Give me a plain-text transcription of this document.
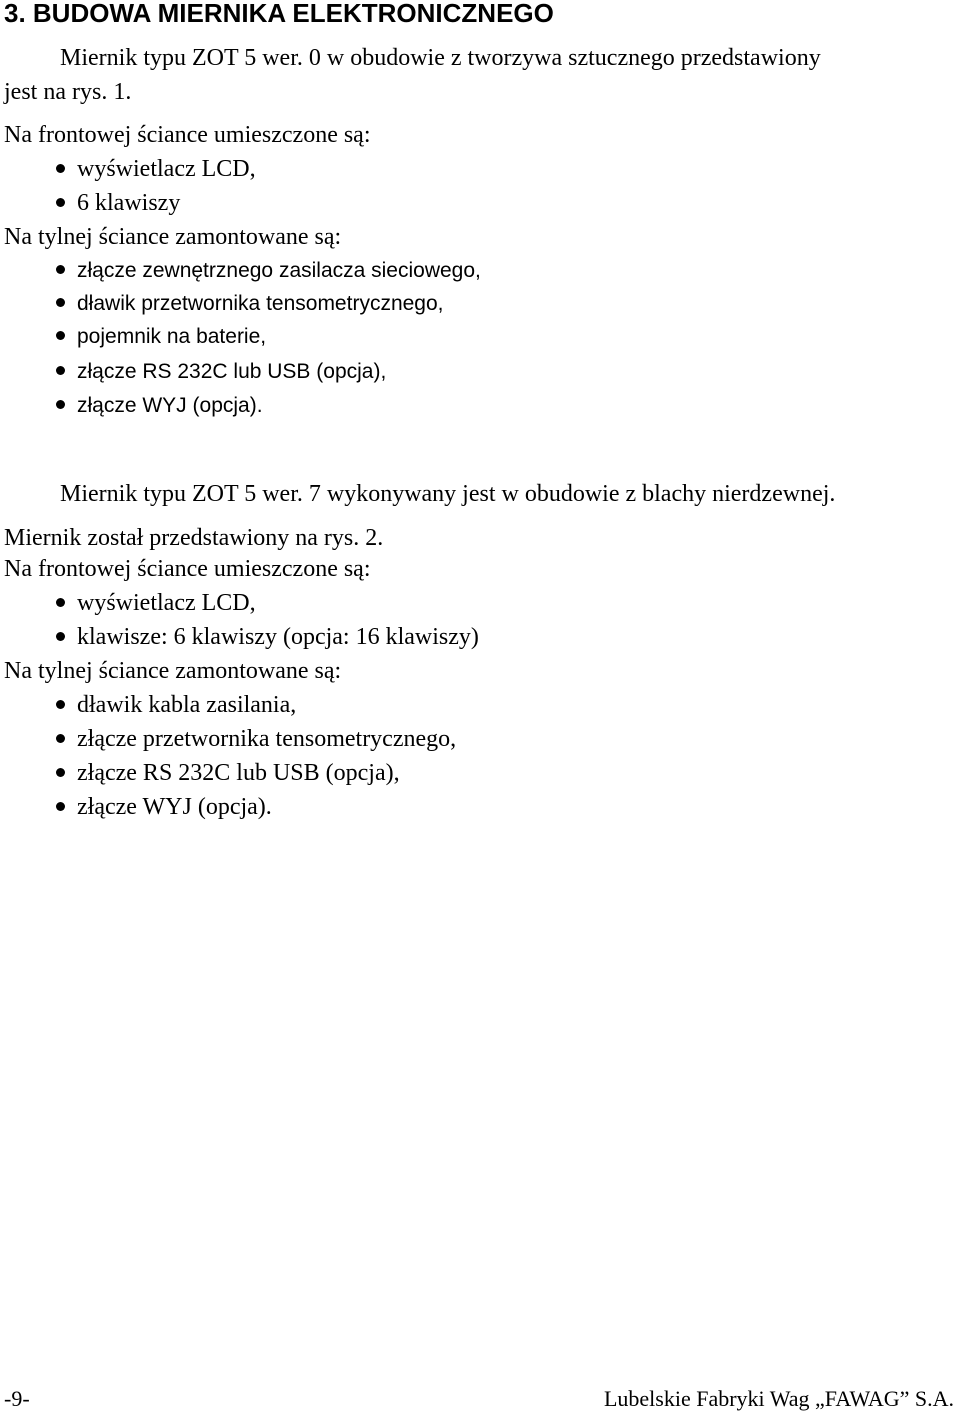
3. BUDOWA MIERNIKA ELEKTRONICZNEGO
Miernik typu ZOT 5 wer. 0 w obudowie z tworzywa sztucznego przedstawiony
jest na rys. 1.
Na frontowej ściance umieszczone są:
wyświetlacz LCD,
6 klawiszy
Na tylnej ściance zamontowane są:
złącze zewnętrznego zasilacza sieciowego,
dławik przetwornika tensometrycznego,
pojemnik na baterie,
złącze RS 232C lub USB (opcja),
złącze WYJ (opcja).
Miernik typu ZOT 5 wer. 7 wykonywany jest w obudowie z blachy nierdzewnej.
Miernik został przedstawiony na rys. 2.
Na frontowej ściance umieszczone są:
wyświetlacz LCD,
klawisze: 6 klawiszy (opcja: 16 klawiszy)
Na tylnej ściance zamontowane są:
dławik kabla zasilania,
złącze przetwornika tensometrycznego,
złącze RS 232C lub USB (opcja),
złącze WYJ (opcja).
-9-	Lubelskie Fabryki Wag „FAWAG” S.A.
